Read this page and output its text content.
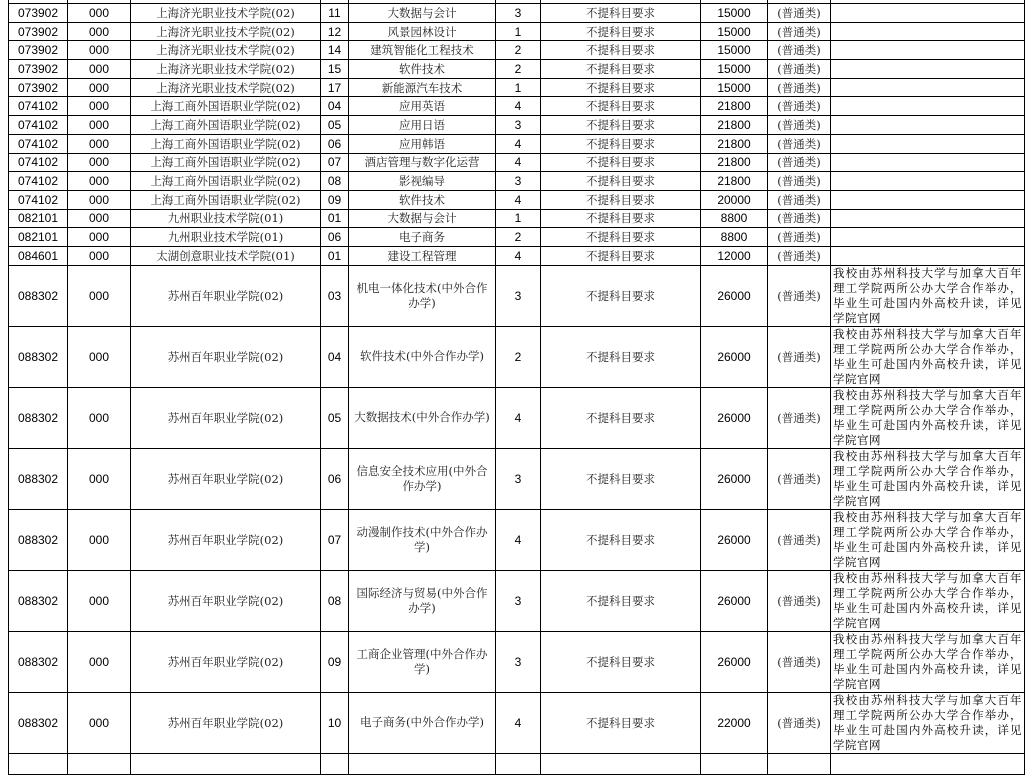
073902	000	上海济光职业技术学院(02)	11	大数据与会计	3	不提科目要求	15000	(普通类)	
073902	000	上海济光职业技术学院(02)	12	风景园林设计	1	不提科目要求	15000	(普通类)	
073902	000	上海济光职业技术学院(02)	14	建筑智能化工程技术	2	不提科目要求	15000	(普通类)	
073902	000	上海济光职业技术学院(02)	15	软件技术	2	不提科目要求	15000	(普通类)	
073902	000	上海济光职业技术学院(02)	17	新能源汽车技术	1	不提科目要求	15000	(普通类)	
074102	000	上海工商外国语职业学院(02)	04	应用英语	4	不提科目要求	21800	(普通类)	
074102	000	上海工商外国语职业学院(02)	05	应用日语	3	不提科目要求	21800	(普通类)	
074102	000	上海工商外国语职业学院(02)	06	应用韩语	4	不提科目要求	21800	(普通类)	
074102	000	上海工商外国语职业学院(02)	07	酒店管理与数字化运营	4	不提科目要求	21800	(普通类)	
074102	000	上海工商外国语职业学院(02)	08	影视编导	3	不提科目要求	21800	(普通类)	
074102	000	上海工商外国语职业学院(02)	09	软件技术	4	不提科目要求	20000	(普通类)	
082101	000	九州职业技术学院(01)	01	大数据与会计	1	不提科目要求	8800	(普通类)	
082101	000	九州职业技术学院(01)	06	电子商务	2	不提科目要求	8800	(普通类)	
084601	000	太湖创意职业技术学院(01)	01	建设工程管理	4	不提科目要求	12000	(普通类)	
088302	000	苏州百年职业学院(02)	03	机电一体化技术(中外合作办学)	3	不提科目要求	26000	(普通类)	我校由苏州科技大学与加拿大百年理工学院两所公办大学合作举办，毕业生可赴国内外高校升读，详见学院官网
088302	000	苏州百年职业学院(02)	04	软件技术(中外合作办学)	2	不提科目要求	26000	(普通类)	我校由苏州科技大学与加拿大百年理工学院两所公办大学合作举办，毕业生可赴国内外高校升读，详见学院官网
088302	000	苏州百年职业学院(02)	05	大数据技术(中外合作办学)	4	不提科目要求	26000	(普通类)	我校由苏州科技大学与加拿大百年理工学院两所公办大学合作举办，毕业生可赴国内外高校升读，详见学院官网
088302	000	苏州百年职业学院(02)	06	信息安全技术应用(中外合作办学)	3	不提科目要求	26000	(普通类)	我校由苏州科技大学与加拿大百年理工学院两所公办大学合作举办，毕业生可赴国内外高校升读，详见学院官网
088302	000	苏州百年职业学院(02)	07	动漫制作技术(中外合作办学)	4	不提科目要求	26000	(普通类)	我校由苏州科技大学与加拿大百年理工学院两所公办大学合作举办，毕业生可赴国内外高校升读，详见学院官网
088302	000	苏州百年职业学院(02)	08	国际经济与贸易(中外合作办学)	3	不提科目要求	26000	(普通类)	我校由苏州科技大学与加拿大百年理工学院两所公办大学合作举办，毕业生可赴国内外高校升读，详见学院官网
088302	000	苏州百年职业学院(02)	09	工商企业管理(中外合作办学)	3	不提科目要求	26000	(普通类)	我校由苏州科技大学与加拿大百年理工学院两所公办大学合作举办，毕业生可赴国内外高校升读，详见学院官网
088302	000	苏州百年职业学院(02)	10	电子商务(中外合作办学)	4	不提科目要求	22000	(普通类)	我校由苏州科技大学与加拿大百年理工学院两所公办大学合作举办，毕业生可赴国内外高校升读，详见学院官网
